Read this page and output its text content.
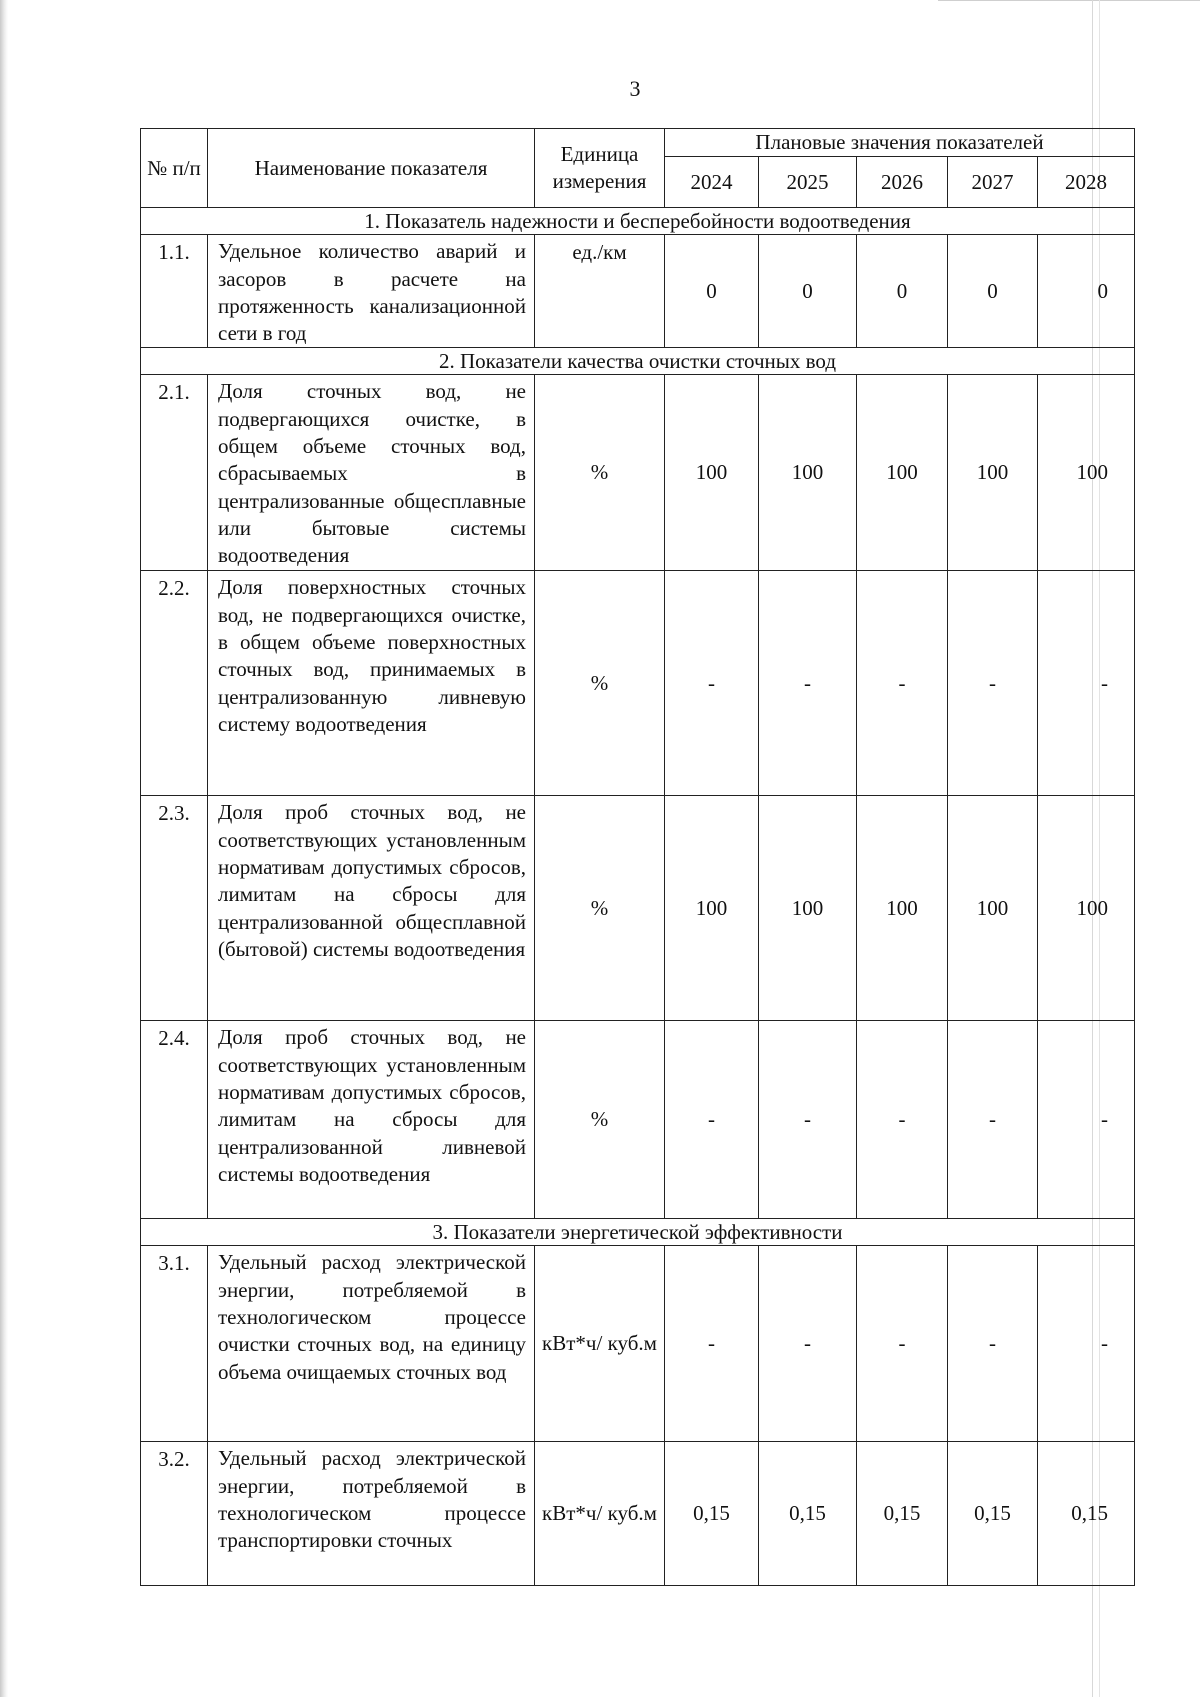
3
№ п/п	Наименование показателя	Единица измерения	Плановые значения показателей				
			2024	2025	2026	2027	2028
1. Показатель надежности и бесперебойности водоотведения							
1.1.	Удельное количество аварий и засоров в расчете на протяженность канализационной сети в год	ед./км	0	0	0	0	0
2. Показатели качества очистки сточных вод							
2.1.	Доля сточных вод, не подвергающихся очистке, в общем объеме сточных вод, сбрасываемых в централизованные общесплавные или бытовые системы водоотведения	%	100	100	100	100	100
2.2.	Доля поверхностных сточных вод, не подвергающихся очистке, в общем объеме поверхностных сточных вод, принимаемых в централизованную ливневую систему водоотведения	%	-	-	-	-	-
2.3.	Доля проб сточных вод, не соответствующих установленным нормативам допустимых сбросов, лимитам на сбросы для централизованной общесплавной (бытовой) системы водоотведения	%	100	100	100	100	100
2.4.	Доля проб сточных вод, не соответствующих установленным нормативам допустимых сбросов, лимитам на сбросы для централизованной ливневой системы водоотведения	%	-	-	-	-	-
3. Показатели энергетической эффективности							
3.1.	Удельный расход электрической энергии, потребляемой в технологическом процессе очистки сточных вод, на единицу объема очищаемых сточных вод	кВт*ч/ куб.м	-	-	-	-	-
3.2.	Удельный расход электрической энергии, потребляемой в технологическом процессе транспортировки сточных	кВт*ч/ куб.м	0,15	0,15	0,15	0,15	0,15
